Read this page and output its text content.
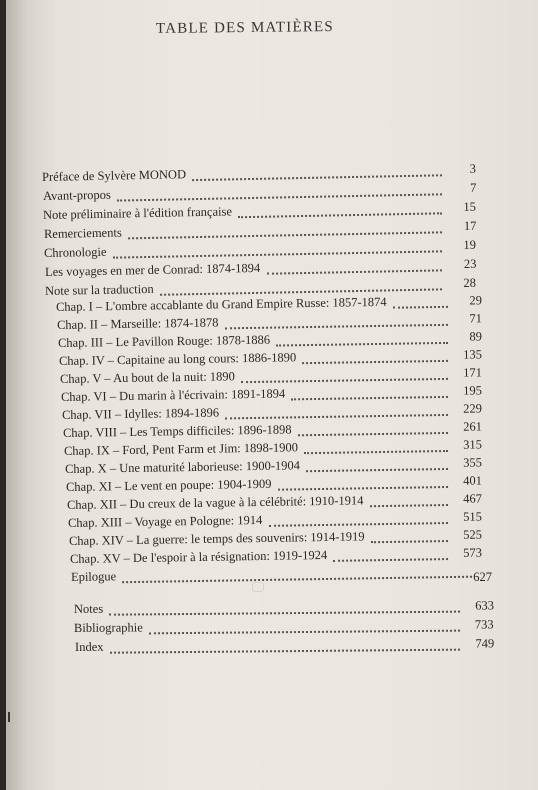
TABLE DES MATIÈRES
Préface de Sylvère MONOD	3
Avant-propos	7
Note préliminaire à l'édition française	15
Remerciements	17
Chronologie	19
Les voyages en mer de Conrad: 1874-1894	23
Note sur la traduction	28
Chap. I – L'ombre accablante du Grand Empire Russe: 1857-1874	29
Chap. II – Marseille: 1874-1878	71
Chap. III – Le Pavillon Rouge: 1878-1886	89
Chap. IV – Capitaine au long cours: 1886-1890	135
Chap. V – Au bout de la nuit: 1890	171
Chap. VI – Du marin à l'écrivain: 1891-1894	195
Chap. VII – Idylles: 1894-1896	229
Chap. VIII – Les Temps difficiles: 1896-1898	261
Chap. IX – Ford, Pent Farm et Jim: 1898-1900	315
Chap. X – Une maturité laborieuse: 1900-1904	355
Chap. XI – Le vent en poupe: 1904-1909	401
Chap. XII – Du creux de la vague à la célébrité: 1910-1914	467
Chap. XIII – Voyage en Pologne: 1914	515
Chap. XIV – La guerre: le temps des souvenirs: 1914-1919	525
Chap. XV – De l'espoir à la résignation: 1919-1924	573
Epilogue	627
Notes	633
Bibliographie	733
Index	749
